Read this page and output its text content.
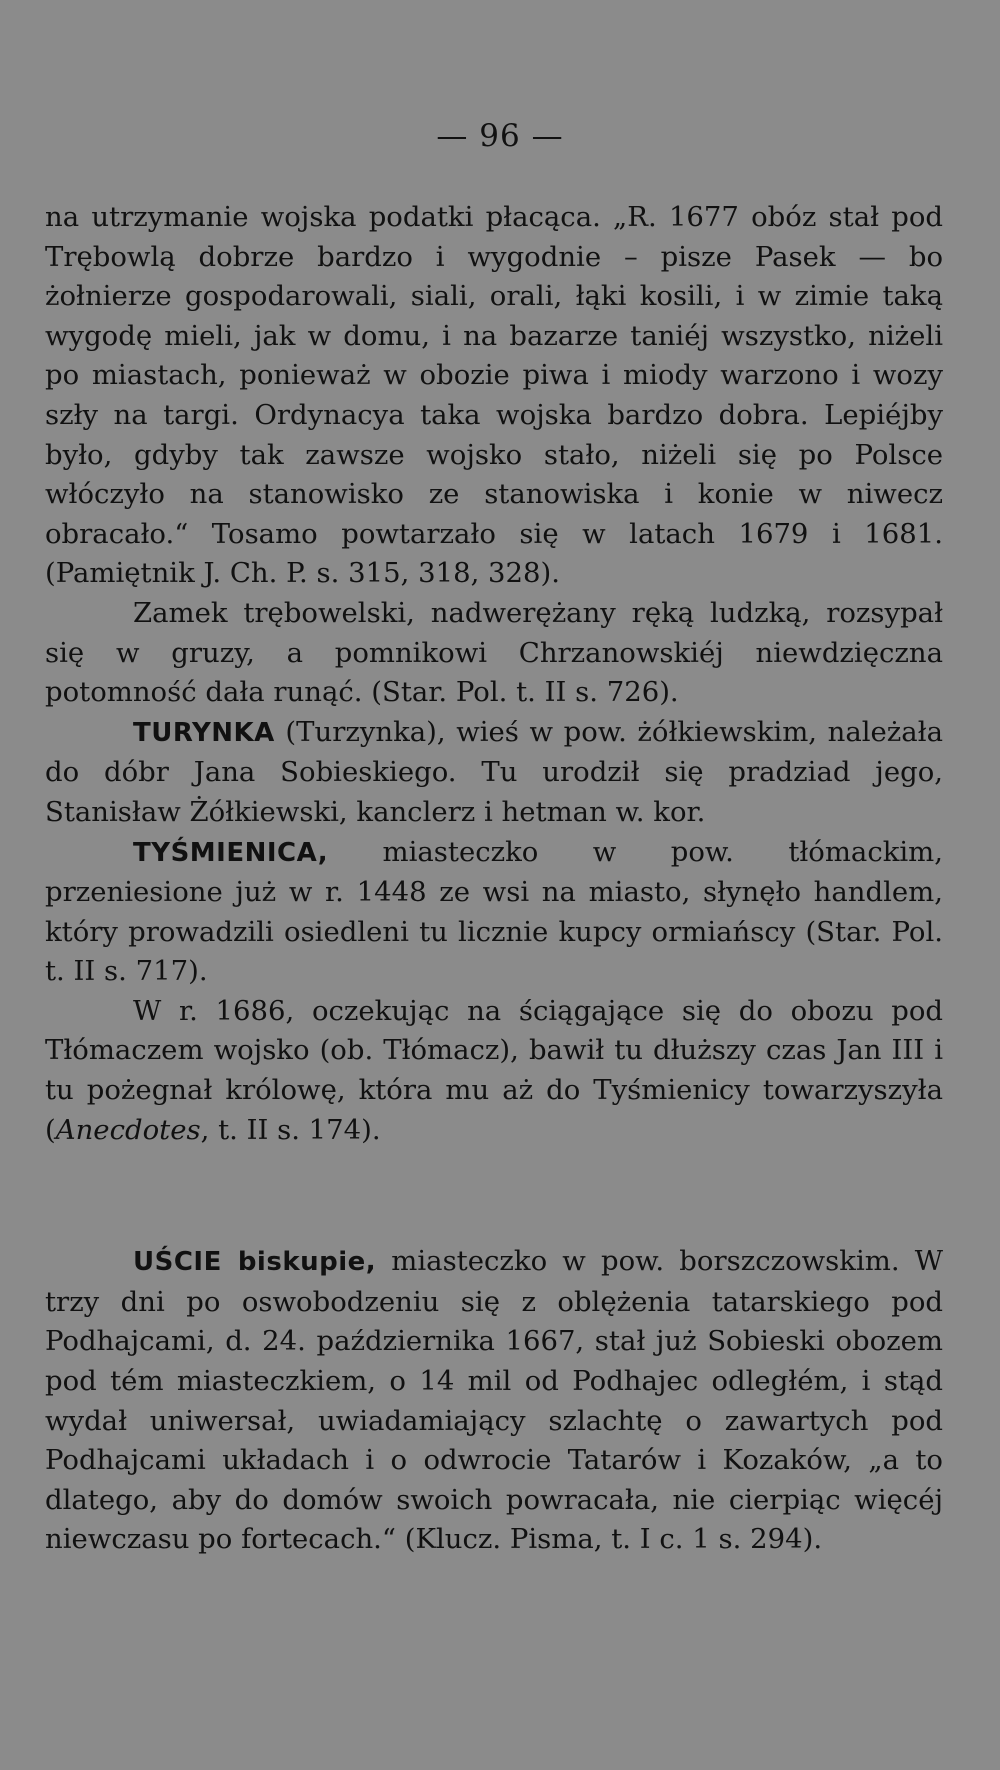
— 96 —

na utrzymanie wojska podatki płacąca. „R. 1677 obóz stał pod Trębowlą dobrze bardzo i wygodnie – pisze Pasek — bo żołnierze gospodarowali, siali, orali, łąki kosili, i w zimie taką wygodę mieli, jak w domu, i na bazarze taniéj wszystko, niżeli po miastach, ponieważ w obozie piwa i miody warzono i wozy szły na targi. Ordynacya taka wojska bardzo dobra. Lepiéjby było, gdyby tak zawsze wojsko stało, niżeli się po Polsce włóczyło na stanowisko ze stanowiska i konie w niwecz obracało.“ Tosamo powtarzało się w latach 1679 i 1681. (Pamiętnik J. Ch. P. s. 315, 318, 328).

Zamek trębowelski, nadwerężany ręką ludzką, rozsypał się w gruzy, a pomnikowi Chrzanowskiéj niewdzięczna potomność dała runąć. (Star. Pol. t. II s. 726).

TURYNKA (Turzynka), wieś w pow. żółkiewskim, należała do dóbr Jana Sobieskiego. Tu urodził się pradziad jego, Stanisław Żółkiewski, kanclerz i hetman w. kor.

TYŚMIENICA, miasteczko w pow. tłómackim, przeniesione już w r. 1448 ze wsi na miasto, słynęło handlem, który prowadzili osiedleni tu licznie kupcy ormiańscy (Star. Pol. t. II s. 717).

W r. 1686, oczekując na ściągające się do obozu pod Tłómaczem wojsko (ob. Tłómacz), bawił tu dłuższy czas Jan III i tu pożegnał królowę, która mu aż do Tyśmienicy towarzyszyła (Anecdotes, t. II s. 174).

UŚCIE biskupie, miasteczko w pow. borszczowskim. W trzy dni po oswobodzeniu się z oblężenia tatarskiego pod Podhajcami, d. 24. października 1667, stał już Sobieski obozem pod tém miasteczkiem, o 14 mil od Podhajec odległém, i stąd wydał uniwersał, uwiadamiający szlachtę o zawartych pod Podhajcami układach i o odwrocie Tatarów i Kozaków, „a to dlatego, aby do domów swoich powracała, nie cierpiąc więcéj niewczasu po fortecach.“ (Klucz. Pisma, t. I c. 1 s. 294).
